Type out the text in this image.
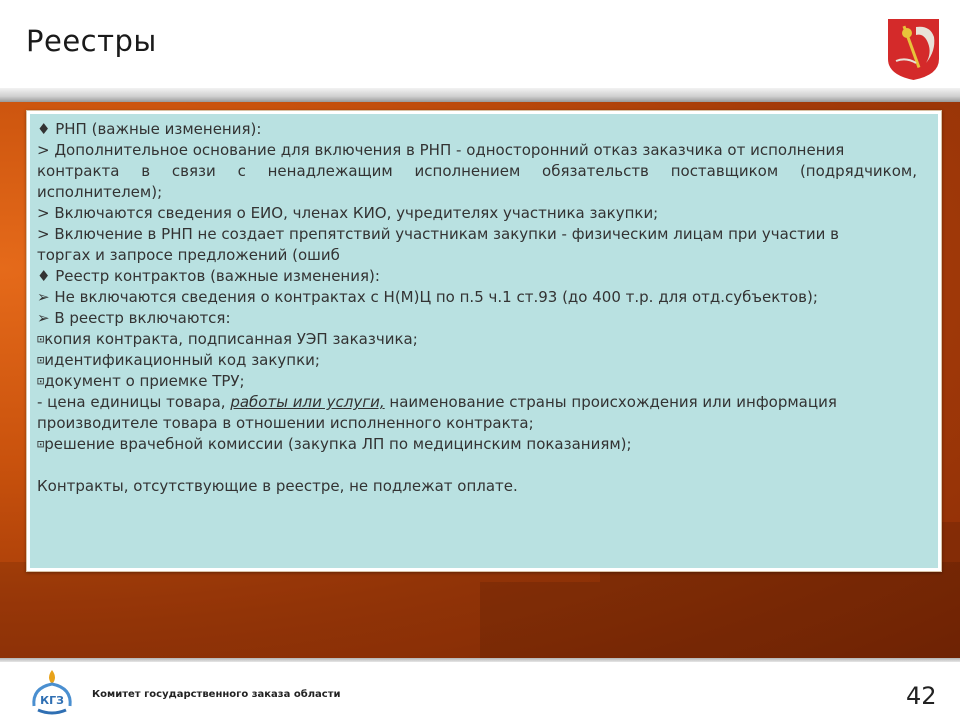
Реестры
♦ РНП (важные изменения):
> Дополнительное основание для включения в РНП - односторонний отказ заказчика от исполнения
контракта в связи с ненадлежащим исполнением обязательств поставщиком (подрядчиком,
исполнителем);
> Включаются сведения о ЕИО, членах КИО, учредителях участника закупки;
> Включение в РНП не создает препятствий участникам закупки - физическим лицам при участии в
торгах и запросе предложений (ошиб
♦ Реестр контрактов (важные изменения):
➢ Не включаются сведения о контрактах с Н(М)Ц по п.5 ч.1 ст.93 (до 400 т.р. для отд.субъектов);
➢ В реестр включаются:
⊡копия контракта, подписанная УЭП заказчика;
⊡идентификационный код закупки;
⊡документ о приемке ТРУ;
- цена единицы товара, работы или услуги, наименование страны происхождения или информация
производителе товара в отношении исполненного контракта;
⊡решение врачебной комиссии (закупка ЛП по медицинским показаниям);
Контракты, отсутствующие в реестре, не подлежат оплате.
КГЗ	Комитет государственного заказа области	42
